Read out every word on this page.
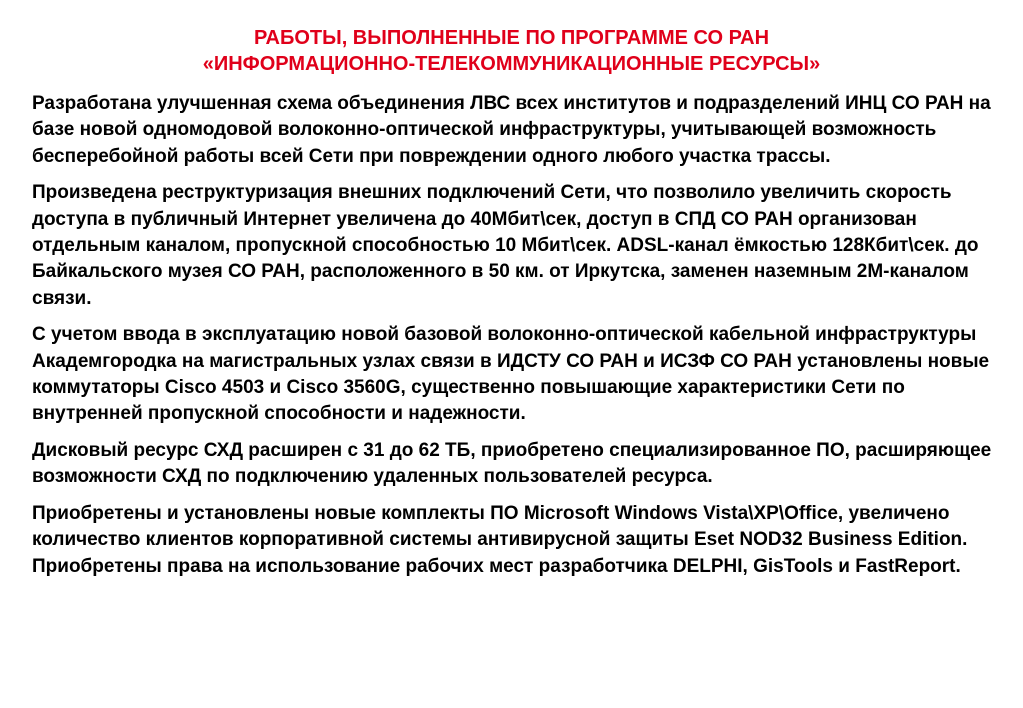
РАБОТЫ, ВЫПОЛНЕННЫЕ ПО ПРОГРАММЕ СО РАН
«ИНФОРМАЦИОННО-ТЕЛЕКОММУНИКАЦИОННЫЕ РЕСУРСЫ»

Разработана улучшенная схема объединения ЛВС всех институтов и подразделений ИНЦ СО РАН на базе новой одномодовой волоконно-оптической инфраструктуры, учитывающей возможность бесперебойной работы всей Сети при повреждении одного любого участка трассы.

Произведена реструктуризация внешних подключений Сети, что позволило увеличить скорость доступа в публичный Интернет увеличена до 40Мбит\сек, доступ в СПД СО РАН организован отдельным каналом, пропускной способностью 10 Мбит\сек. ADSL-канал ёмкостью 128Кбит\сек. до Байкальского музея СО РАН, расположенного в 50 км. от Иркутска, заменен наземным 2М-каналом связи.

С учетом ввода в эксплуатацию новой базовой волоконно-оптической кабельной инфраструктуры Академгородка на магистральных узлах связи в ИДСТУ СО РАН и ИСЗФ СО РАН установлены новые коммутаторы Cisco 4503 и Cisco 3560G, существенно повышающие характеристики Сети по внутренней пропускной способности и надежности.

Дисковый ресурс СХД расширен с 31 до 62 ТБ, приобретено специализированное ПО, расширяющее возможности СХД по подключению удаленных пользователей ресурса.

Приобретены и установлены новые комплекты ПО Microsoft Windows Vista\XP\Office, увеличено количество клиентов корпоративной системы антивирусной защиты Eset NOD32 Business Edition. Приобретены права на использование рабочих мест разработчика DELPHI, GisTools и FastReport.
